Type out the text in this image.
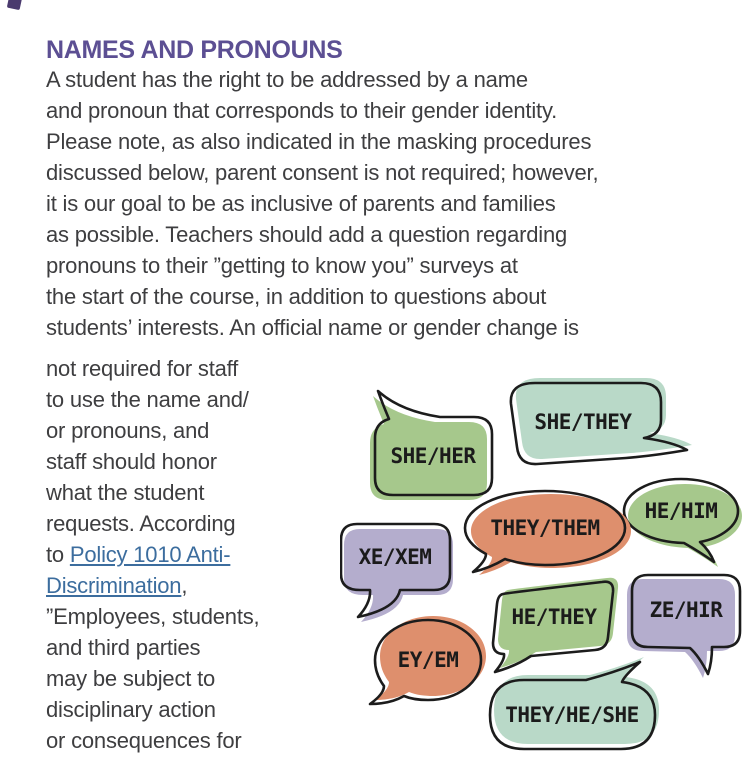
NAMES AND PRONOUNS
A student has the right to be addressed by a name
and pronoun that corresponds to their gender identity.
Please note, as also indicated in the masking procedures
discussed below, parent consent is not required; however,
it is our goal to be as inclusive of parents and families
as possible. Teachers should add a question regarding
pronouns to their ”getting to know you” surveys at
the start of the course, in addition to questions about
students’ interests. An official name or gender change is
not required for staff
to use the name and/
or pronouns, and
staff should honor
what the student
requests. According
to Policy 1010 Anti-
Discrimination,
”Employees, students,
and third parties
may be subject to
disciplinary action
or consequences for
SHE/HER
SHE/THEY
HE/HIM
THEY/THEM
XE/XEM
ZE/HIR
HE/THEY
EY/EM
THEY/HE/SHE
